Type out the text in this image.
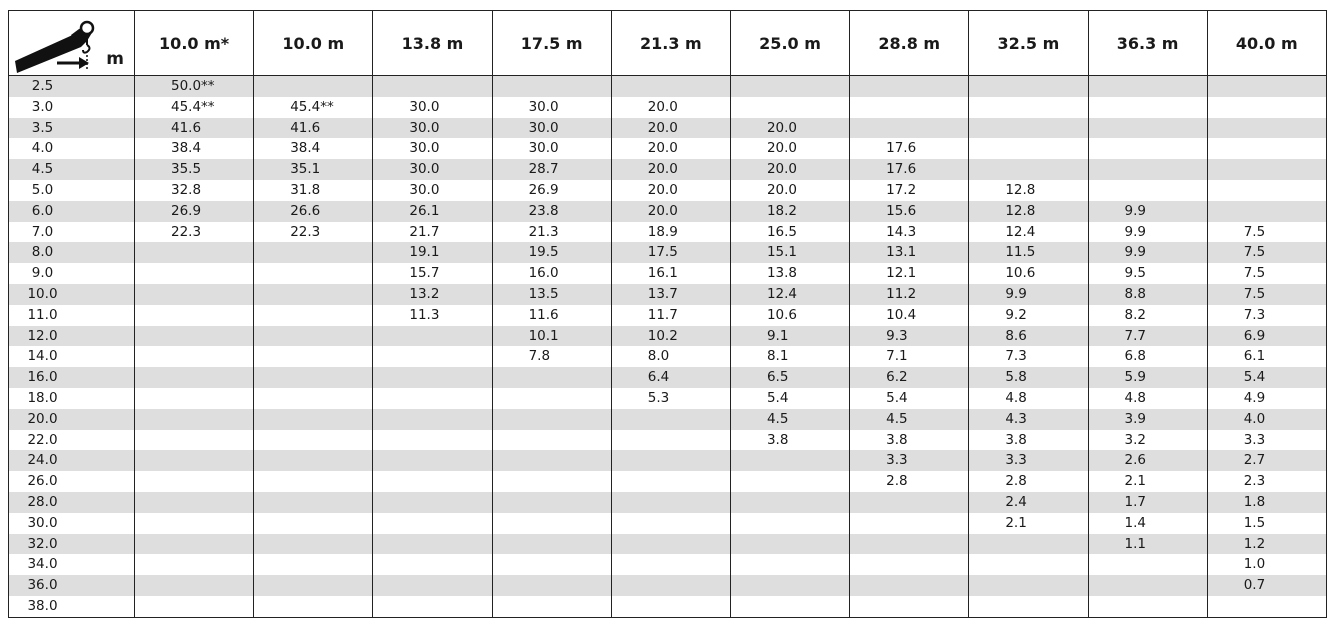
m	10.0 m*	10.0 m	13.8 m	17.5 m	21.3 m	25.0 m	28.8 m	32.5 m	36.3 m	40.0 m
2.5	50.0**									
3.0	45.4**	45.4**	30.0	30.0	20.0					
3.5	41.6	41.6	30.0	30.0	20.0	20.0				
4.0	38.4	38.4	30.0	30.0	20.0	20.0	17.6			
4.5	35.5	35.1	30.0	28.7	20.0	20.0	17.6			
5.0	32.8	31.8	30.0	26.9	20.0	20.0	17.2	12.8		
6.0	26.9	26.6	26.1	23.8	20.0	18.2	15.6	12.8	9.9	
7.0	22.3	22.3	21.7	21.3	18.9	16.5	14.3	12.4	9.9	7.5
8.0			19.1	19.5	17.5	15.1	13.1	11.5	9.9	7.5
9.0			15.7	16.0	16.1	13.8	12.1	10.6	9.5	7.5
10.0			13.2	13.5	13.7	12.4	11.2	9.9	8.8	7.5
11.0			11.3	11.6	11.7	10.6	10.4	9.2	8.2	7.3
12.0				10.1	10.2	9.1	9.3	8.6	7.7	6.9
14.0				7.8	8.0	8.1	7.1	7.3	6.8	6.1
16.0					6.4	6.5	6.2	5.8	5.9	5.4
18.0					5.3	5.4	5.4	4.8	4.8	4.9
20.0						4.5	4.5	4.3	3.9	4.0
22.0						3.8	3.8	3.8	3.2	3.3
24.0							3.3	3.3	2.6	2.7
26.0							2.8	2.8	2.1	2.3
28.0								2.4	1.7	1.8
30.0								2.1	1.4	1.5
32.0									1.1	1.2
34.0										1.0
36.0										0.7
38.0										
